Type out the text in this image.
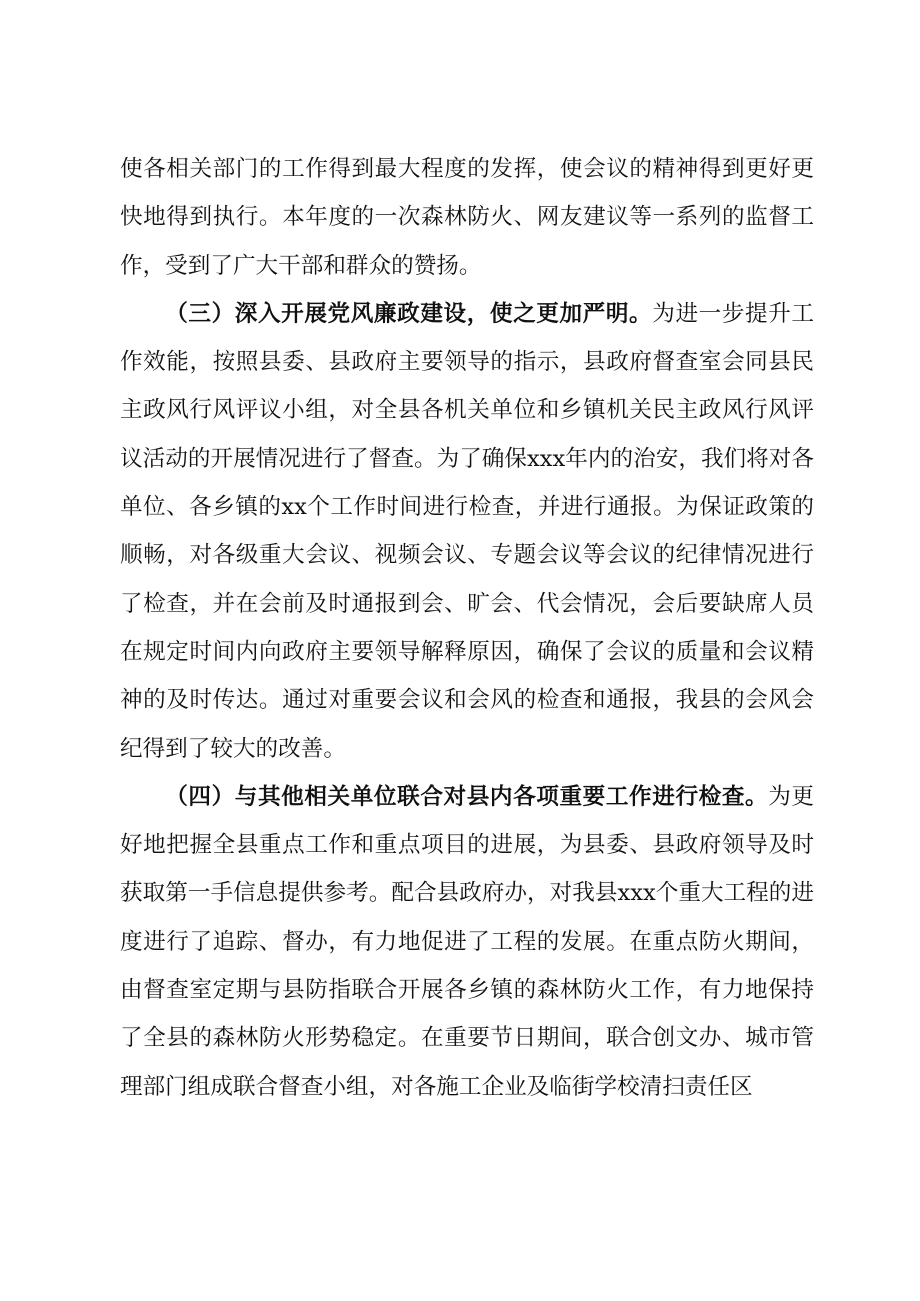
使各相关部门的工作得到最大程度的发挥，使会议的精神得到更好更快地得到执行。本年度的一次森林防火、网友建议等一系列的监督工作，受到了广大干部和群众的赞扬。

（三）深入开展党风廉政建设，使之更加严明。为进一步提升工作效能，按照县委、县政府主要领导的指示，县政府督查室会同县民主政风行风评议小组，对全县各机关单位和乡镇机关民主政风行风评议活动的开展情况进行了督查。为了确保xxx年内的治安，我们将对各单位、各乡镇的xx个工作时间进行检查，并进行通报。为保证政策的顺畅，对各级重大会议、视频会议、专题会议等会议的纪律情况进行了检查，并在会前及时通报到会、旷会、代会情况，会后要缺席人员在规定时间内向政府主要领导解释原因，确保了会议的质量和会议精神的及时传达。通过对重要会议和会风的检查和通报，我县的会风会纪得到了较大的改善。

（四）与其他相关单位联合对县内各项重要工作进行检查。为更好地把握全县重点工作和重点项目的进展，为县委、县政府领导及时获取第一手信息提供参考。配合县政府办，对我县xxx个重大工程的进度进行了追踪、督办，有力地促进了工程的发展。在重点防火期间，由督查室定期与县防指联合开展各乡镇的森林防火工作，有力地保持了全县的森林防火形势稳定。在重要节日期间，联合创文办、城市管理部门组成联合督查小组，对各施工企业及临街学校清扫责任区
